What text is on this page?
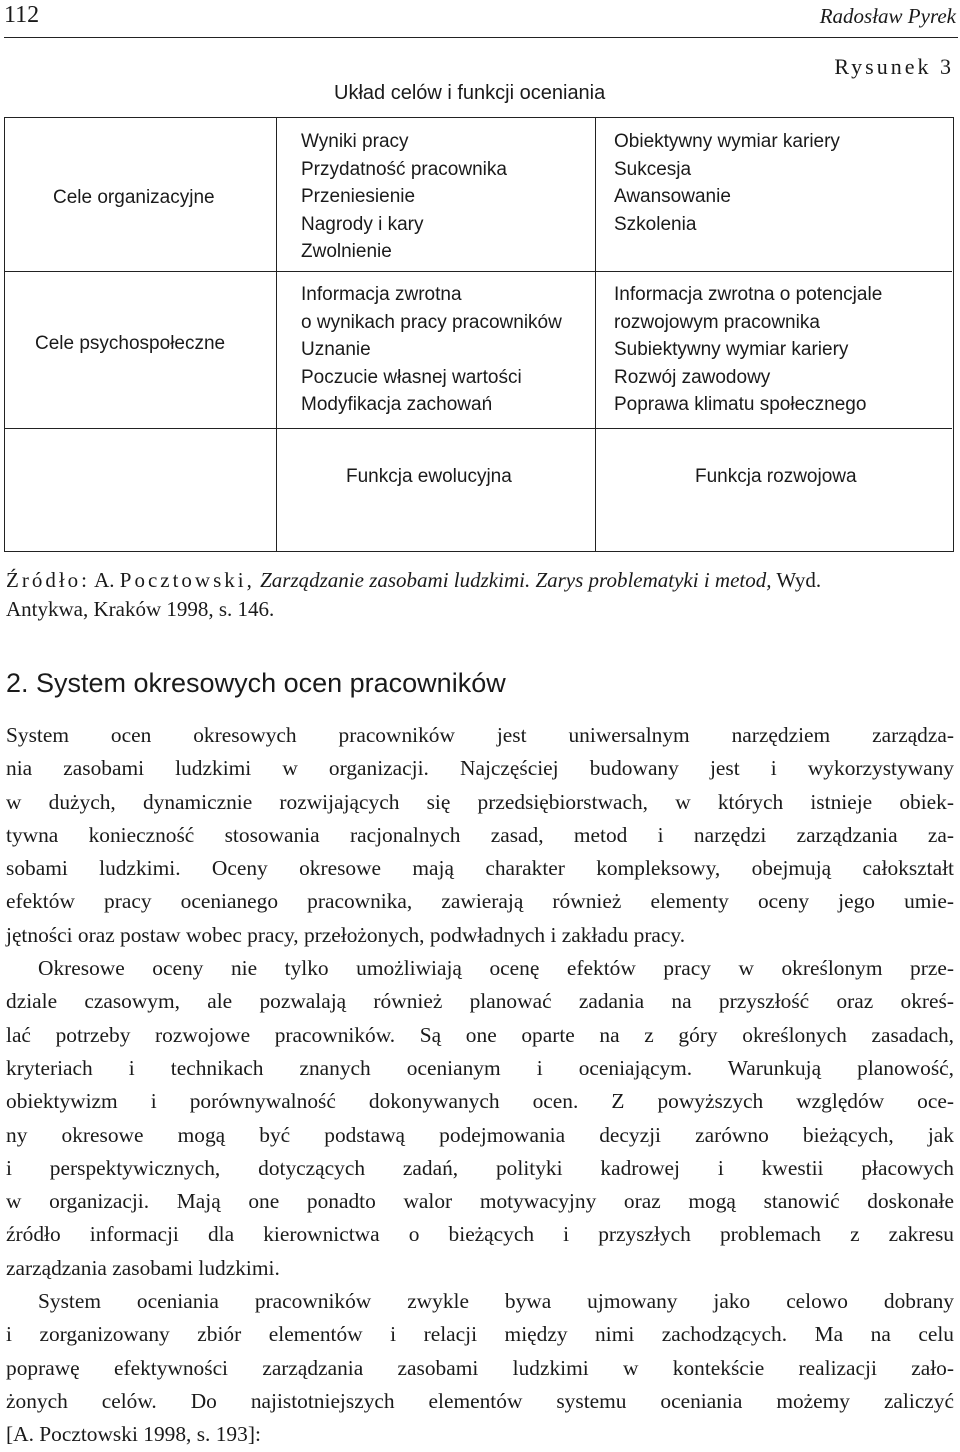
112	Radosław Pyrek
Rysunek 3
Układ celów i funkcji oceniania
Cele organizacyjne
Wyniki pracy
Przydatność pracownika
Przeniesienie
Nagrody i kary
Zwolnienie
Obiektywny wymiar kariery
Sukcesja
Awansowanie
Szkolenia
Cele psychospołeczne
Informacja zwrotna
o wynikach pracy pracowników
Uznanie
Poczucie własnej wartości
Modyfikacja zachowań
Informacja zwrotna o potencjale
rozwojowym pracownika
Subiektywny wymiar kariery
Rozwój zawodowy
Poprawa klimatu społecznego
Funkcja ewolucyjna	Funkcja rozwojowa
Źródło: A. Pocztowski, Zarządzanie zasobami ludzkimi. Zarys problematyki i metod, Wyd.
Antykwa, Kraków 1998, s. 146.
2. System okresowych ocen pracowników
System ocen okresowych pracowników jest uniwersalnym narzędziem zarządza-
nia zasobami ludzkimi w organizacji. Najczęściej budowany jest i wykorzystywany
w dużych, dynamicznie rozwijających się przedsiębiorstwach, w których istnieje obiek-
tywna konieczność stosowania racjonalnych zasad, metod i narzędzi zarządzania za-
sobami ludzkimi. Oceny okresowe mają charakter kompleksowy, obejmują całokształt
efektów pracy ocenianego pracownika, zawierają również elementy oceny jego umie-
jętności oraz postaw wobec pracy, przełożonych, podwładnych i zakładu pracy.
Okresowe oceny nie tylko umożliwiają ocenę efektów pracy w określonym prze-
dziale czasowym, ale pozwalają również planować zadania na przyszłość oraz okreś-
lać potrzeby rozwojowe pracowników. Są one oparte na z góry określonych zasadach,
kryteriach i technikach znanych ocenianym i oceniającym. Warunkują planowość,
obiektywizm i porównywalność dokonywanych ocen. Z powyższych względów oce-
ny okresowe mogą być podstawą podejmowania decyzji zarówno bieżących, jak
i perspektywicznych, dotyczących zadań, polityki kadrowej i kwestii płacowych
w organizacji. Mają one ponadto walor motywacyjny oraz mogą stanowić doskonałe
źródło informacji dla kierownictwa o bieżących i przyszłych problemach z zakresu
zarządzania zasobami ludzkimi.
System oceniania pracowników zwykle bywa ujmowany jako celowo dobrany
i zorganizowany zbiór elementów i relacji między nimi zachodzących. Ma na celu
poprawę efektywności zarządzania zasobami ludzkimi w kontekście realizacji zało-
żonych celów. Do najistotniejszych elementów systemu oceniania możemy zaliczyć
[A. Pocztowski 1998, s. 193]:
